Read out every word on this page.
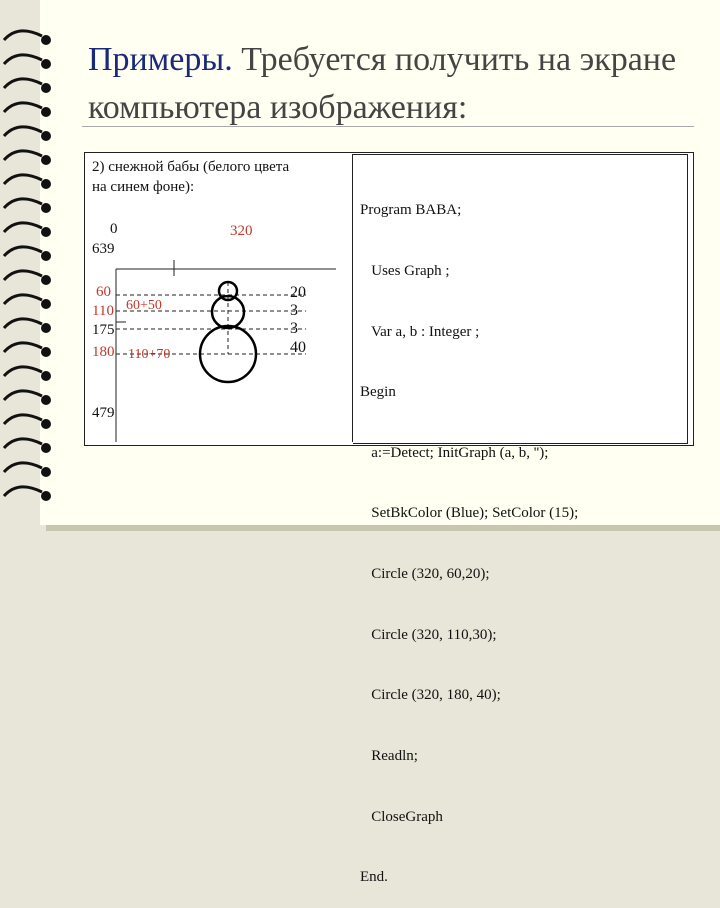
Примеры. Требуется получить на экране компьютера изображения:
2) снежной бабы (белого цвета
на синем фоне):
0	320
639
60
110
175
180
60+50
110+70
20
3
3
40
479

Program BABA;

Uses Graph ;

Var a, b : Integer ;

Begin

a:=Detect; InitGraph (a, b, '');

SetBkColor (Blue); SetColor (15);

Circle (320, 60,20);

Circle (320, 110,30);

Circle (320, 180, 40);

Readln;

CloseGraph

End.
